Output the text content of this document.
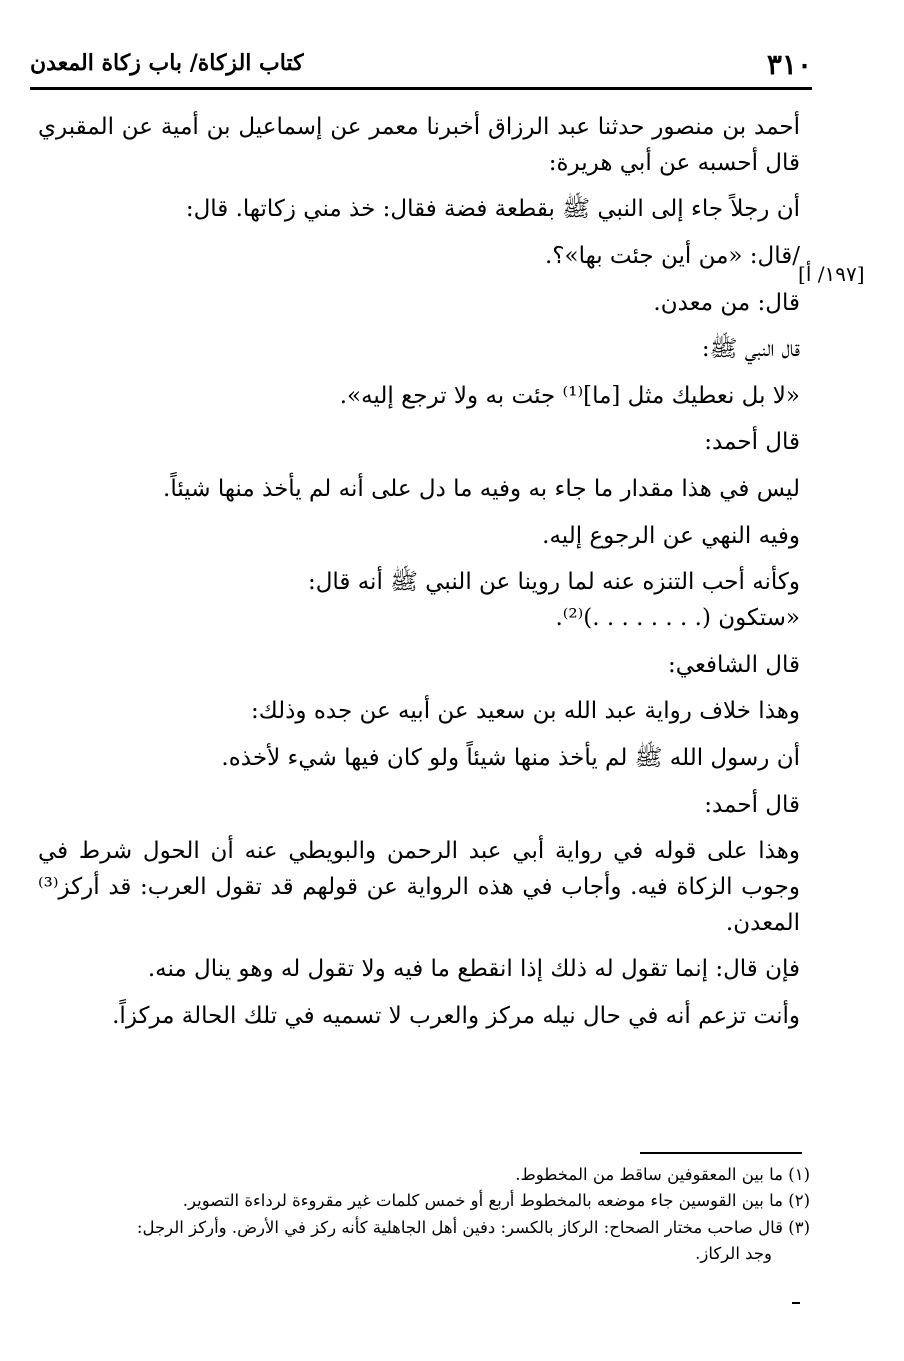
٣١٠
كتاب الزكاة/ باب زكاة المعدن
[١٩٧/ أ]

أحمد بن منصور حدثنا عبد الرزاق أخبرنا معمر عن إسماعيل بن أمية عن المقبري قال أحسبه عن أبي هريرة:

أن رجلاً جاء إلى النبي ﷺ بقطعة فضة فقال: خذ مني زكاتها. قال:

/قال: «من أين جئت بها»؟.

قال: من معدن.

قال النبي ﷺ:

«لا بل نعطيك مثل [ما]⁽¹⁾ جئت به ولا ترجع إليه».

قال أحمد:

ليس في هذا مقدار ما جاء به وفيه ما دل على أنه لم يأخذ منها شيئاً.

وفيه النهي عن الرجوع إليه.

وكأنه أحب التنزه عنه لما روينا عن النبي ﷺ أنه قال:

«ستكون (. . . . . . . .)⁽²⁾.

قال الشافعي:

وهذا خلاف رواية عبد الله بن سعيد عن أبيه عن جده وذلك:

أن رسول الله ﷺ لم يأخذ منها شيئاً ولو كان فيها شيء لأخذه.

قال أحمد:

وهذا على قوله في رواية أبي عبد الرحمن والبويطي عنه أن الحول شرط في وجوب الزكاة فيه. وأجاب في هذه الرواية عن قولهم قد تقول العرب: قد أركز⁽³⁾ المعدن.

فإن قال: إنما تقول له ذلك إذا انقطع ما فيه ولا تقول له وهو ينال منه.

وأنت تزعم أنه في حال نيله مركز والعرب لا تسميه في تلك الحالة مركزاً.

(١) ما بين المعقوفين ساقط من المخطوط.

(٢) ما بين القوسين جاء موضعه بالمخطوط أربع أو خمس كلمات غير مقروءة لرداءة التصوير.

(٣) قال صاحب مختار الصحاح: الركاز بالكسر: دفين أهل الجاهلية كأنه ركز في الأرض. وأركز الرجل:

وجد الركاز.
